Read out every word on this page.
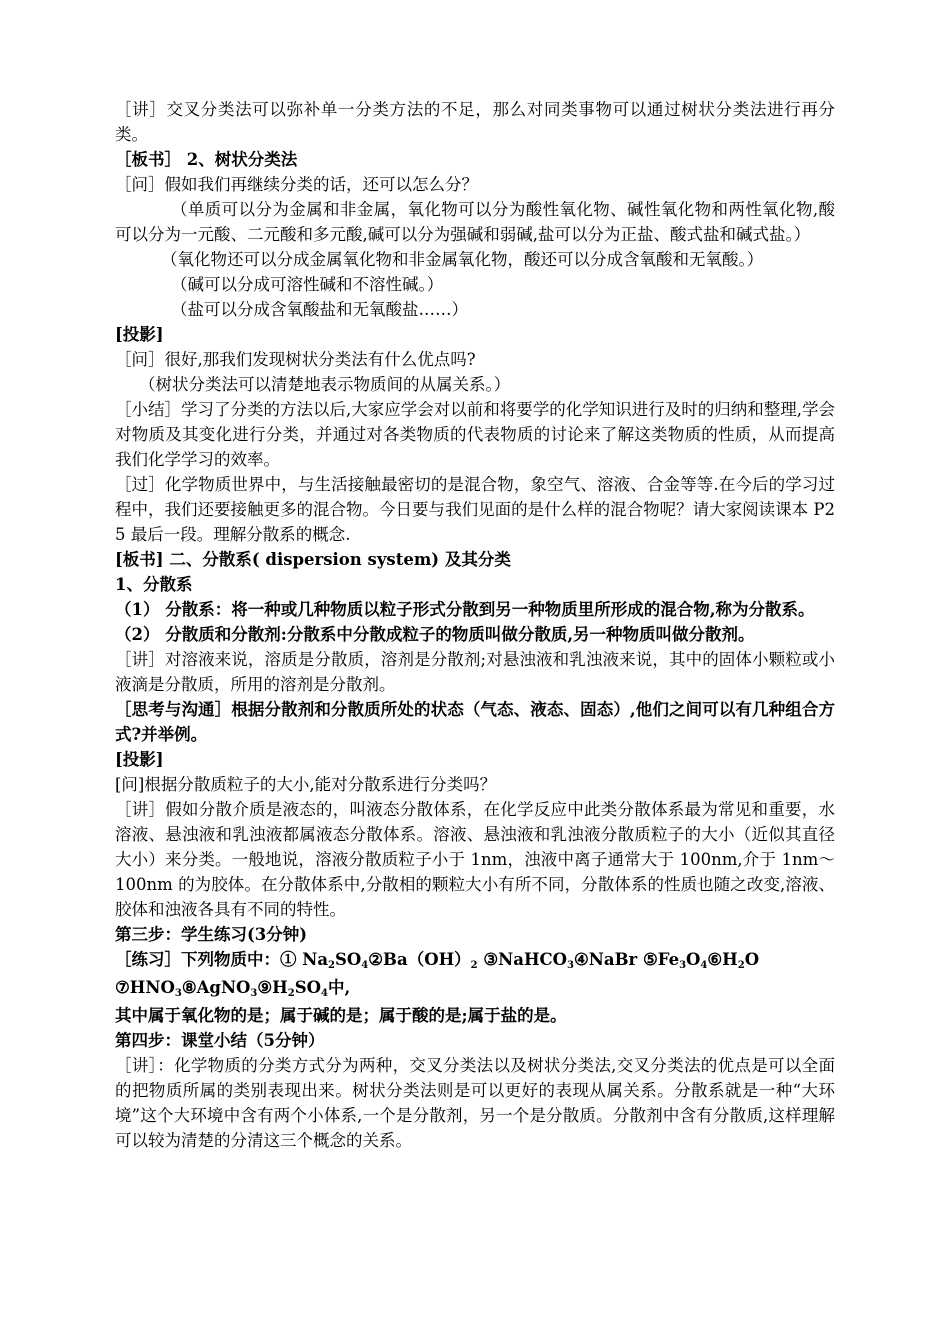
［讲］交叉分类法可以弥补单一分类方法的不足，那么对同类事物可以通过树状分类法进行再分类。

［板书］ 2、树状分类法

［问］假如我们再继续分类的话，还可以怎么分？

（单质可以分为金属和非金属，氧化物可以分为酸性氧化物、碱性氧化物和两性氧化物,酸可以分为一元酸、二元酸和多元酸,碱可以分为强碱和弱碱,盐可以分为正盐、酸式盐和碱式盐。）

（氧化物还可以分成金属氧化物和非金属氧化物，酸还可以分成含氧酸和无氧酸。）

（碱可以分成可溶性碱和不溶性碱。）

（盐可以分成含氧酸盐和无氧酸盐……）

[投影]

［问］很好,那我们发现树状分类法有什么优点吗?

（树状分类法可以清楚地表示物质间的从属关系。）

［小结］学习了分类的方法以后,大家应学会对以前和将要学的化学知识进行及时的归纳和整理,学会对物质及其变化进行分类，并通过对各类物质的代表物质的讨论来了解这类物质的性质，从而提高我们化学学习的效率。

［过］化学物质世界中，与生活接触最密切的是混合物，象空气、溶液、合金等等.在今后的学习过程中，我们还要接触更多的混合物。今日要与我们见面的是什么样的混合物呢？请大家阅读课本 P25 最后一段。理解分散系的概念.

[板书] 二、分散系( dispersion system) 及其分类

1、分散系

（1） 分散系：将一种或几种物质以粒子形式分散到另一种物质里所形成的混合物,称为分散系。

（2） 分散质和分散剂:分散系中分散成粒子的物质叫做分散质,另一种物质叫做分散剂。

［讲］对溶液来说，溶质是分散质，溶剂是分散剂;对悬浊液和乳浊液来说，其中的固体小颗粒或小液滴是分散质，所用的溶剂是分散剂。

［思考与沟通］根据分散剂和分散质所处的状态（气态、液态、固态）,他们之间可以有几种组合方式?并举例。

[投影]

[问]根据分散质粒子的大小,能对分散系进行分类吗？

［讲］假如分散介质是液态的，叫液态分散体系，在化学反应中此类分散体系最为常见和重要，水溶液、悬浊液和乳浊液都属液态分散体系。溶液、悬浊液和乳浊液分散质粒子的大小（近似其直径大小）来分类。一般地说，溶液分散质粒子小于 1nm，浊液中离子通常大于 100nm,介于 1nm～100nm 的为胶体。在分散体系中,分散相的颗粒大小有所不同，分散体系的性质也随之改变,溶液、胶体和浊液各具有不同的特性。

第三步：学生练习(3分钟)

［练习］下列物质中：① Na2SO4②Ba（OH）2 ③NaHCO3④NaBr ⑤Fe3O4⑥H2O

⑦HNO3⑧AgNO3⑨H2SO4中,

其中属于氧化物的是；属于碱的是；属于酸的是;属于盐的是。

第四步：课堂小结（5分钟）

［讲］：化学物质的分类方式分为两种，交叉分类法以及树状分类法,交叉分类法的优点是可以全面的把物质所属的类别表现出来。树状分类法则是可以更好的表现从属关系。分散系就是一种“大环境”这个大环境中含有两个小体系,一个是分散剂，另一个是分散质。分散剂中含有分散质,这样理解可以较为清楚的分清这三个概念的关系。
